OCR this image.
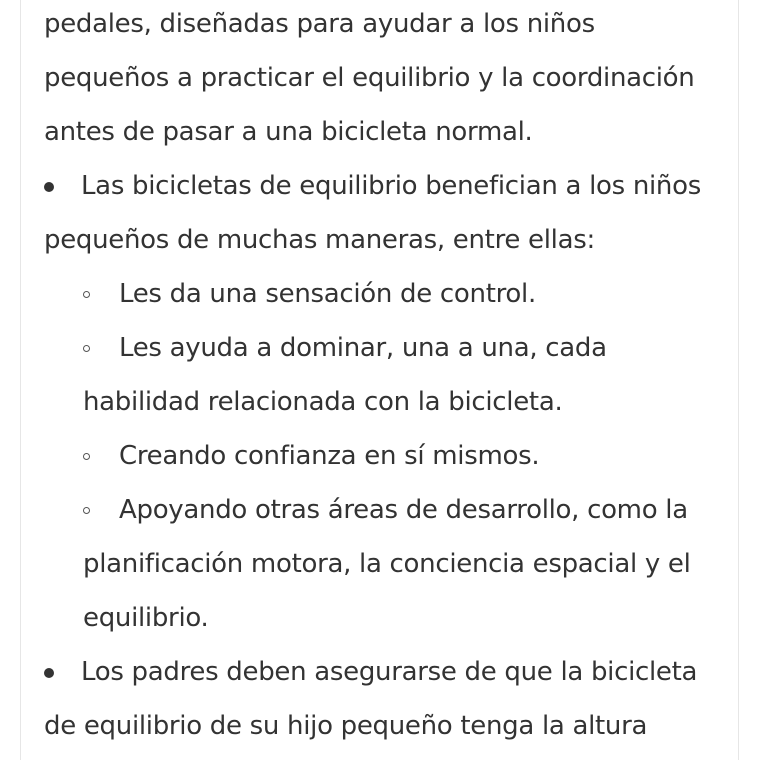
pedales, diseñadas para ayudar a los niños pequeños a practicar el equilibrio y la coordinación antes de pasar a una bicicleta normal.

Las bicicletas de equilibrio benefician a los niños pequeños de muchas maneras, entre ellas:
Les da una sensación de control.
Les ayuda a dominar, una a una, cada habilidad relacionada con la bicicleta.
Creando confianza en sí mismos.
Apoyando otras áreas de desarrollo, como la planificación motora, la conciencia espacial y el equilibrio.
Los padres deben asegurarse de que la bicicleta de equilibrio de su hijo pequeño tenga la altura
